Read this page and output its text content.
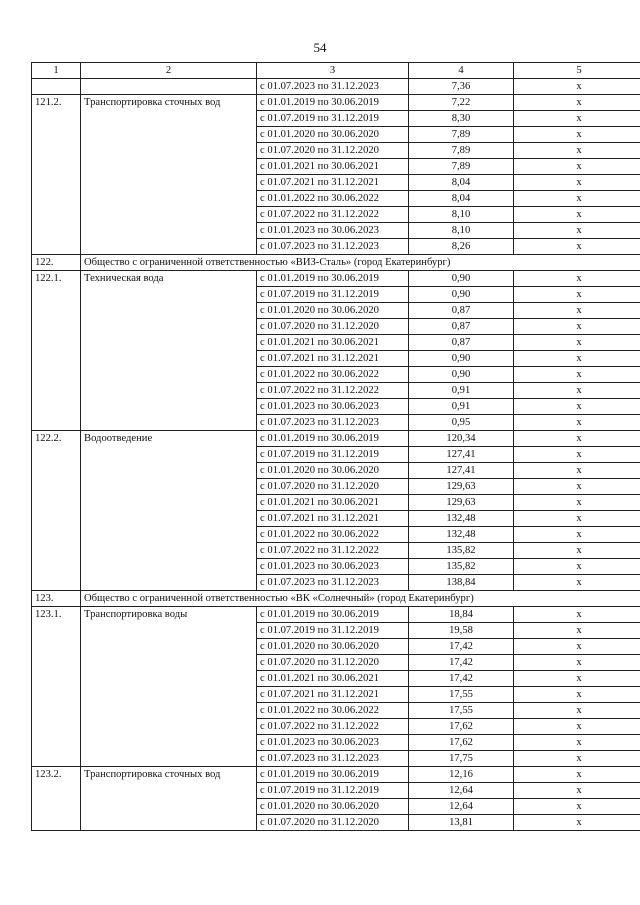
54
1	2	3	4	5
		с 01.07.2023 по 31.12.2023	7,36	х
121.2.	Транспортировка сточных вод	с 01.01.2019 по 30.06.2019	7,22	х
		с 01.07.2019 по 31.12.2019	8,30	х
		с 01.01.2020 по 30.06.2020	7,89	х
		с 01.07.2020 по 31.12.2020	7,89	х
		с 01.01.2021 по 30.06.2021	7,89	х
		с 01.07.2021 по 31.12.2021	8,04	х
		с 01.01.2022 по 30.06.2022	8,04	х
		с 01.07.2022 по 31.12.2022	8,10	х
		с 01.01.2023 по 30.06.2023	8,10	х
		с 01.07.2023 по 31.12.2023	8,26	х
122.	Общество с ограниченной ответственностью «ВИЗ-Сталь» (город Екатеринбург)			
122.1.	Техническая вода	с 01.01.2019 по 30.06.2019	0,90	х
		с 01.07.2019 по 31.12.2019	0,90	х
		с 01.01.2020 по 30.06.2020	0,87	х
		с 01.07.2020 по 31.12.2020	0,87	х
		с 01.01.2021 по 30.06.2021	0,87	х
		с 01.07.2021 по 31.12.2021	0,90	х
		с 01.01.2022 по 30.06.2022	0,90	х
		с 01.07.2022 по 31.12.2022	0,91	х
		с 01.01.2023 по 30.06.2023	0,91	х
		с 01.07.2023 по 31.12.2023	0,95	х
122.2.	Водоотведение	с 01.01.2019 по 30.06.2019	120,34	х
		с 01.07.2019 по 31.12.2019	127,41	х
		с 01.01.2020 по 30.06.2020	127,41	х
		с 01.07.2020 по 31.12.2020	129,63	х
		с 01.01.2021 по 30.06.2021	129,63	х
		с 01.07.2021 по 31.12.2021	132,48	х
		с 01.01.2022 по 30.06.2022	132,48	х
		с 01.07.2022 по 31.12.2022	135,82	х
		с 01.01.2023 по 30.06.2023	135,82	х
		с 01.07.2023 по 31.12.2023	138,84	х
123.	Общество с ограниченной ответственностью «ВК «Солнечный» (город Екатеринбург)			
123.1.	Транспортировка воды	с 01.01.2019 по 30.06.2019	18,84	х
		с 01.07.2019 по 31.12.2019	19,58	х
		с 01.01.2020 по 30.06.2020	17,42	х
		с 01.07.2020 по 31.12.2020	17,42	х
		с 01.01.2021 по 30.06.2021	17,42	х
		с 01.07.2021 по 31.12.2021	17,55	х
		с 01.01.2022 по 30.06.2022	17,55	х
		с 01.07.2022 по 31.12.2022	17,62	х
		с 01.01.2023 по 30.06.2023	17,62	х
		с 01.07.2023 по 31.12.2023	17,75	х
123.2.	Транспортировка сточных вод	с 01.01.2019 по 30.06.2019	12,16	х
		с 01.07.2019 по 31.12.2019	12,64	х
		с 01.01.2020 по 30.06.2020	12,64	х
		с 01.07.2020 по 31.12.2020	13,81	х
